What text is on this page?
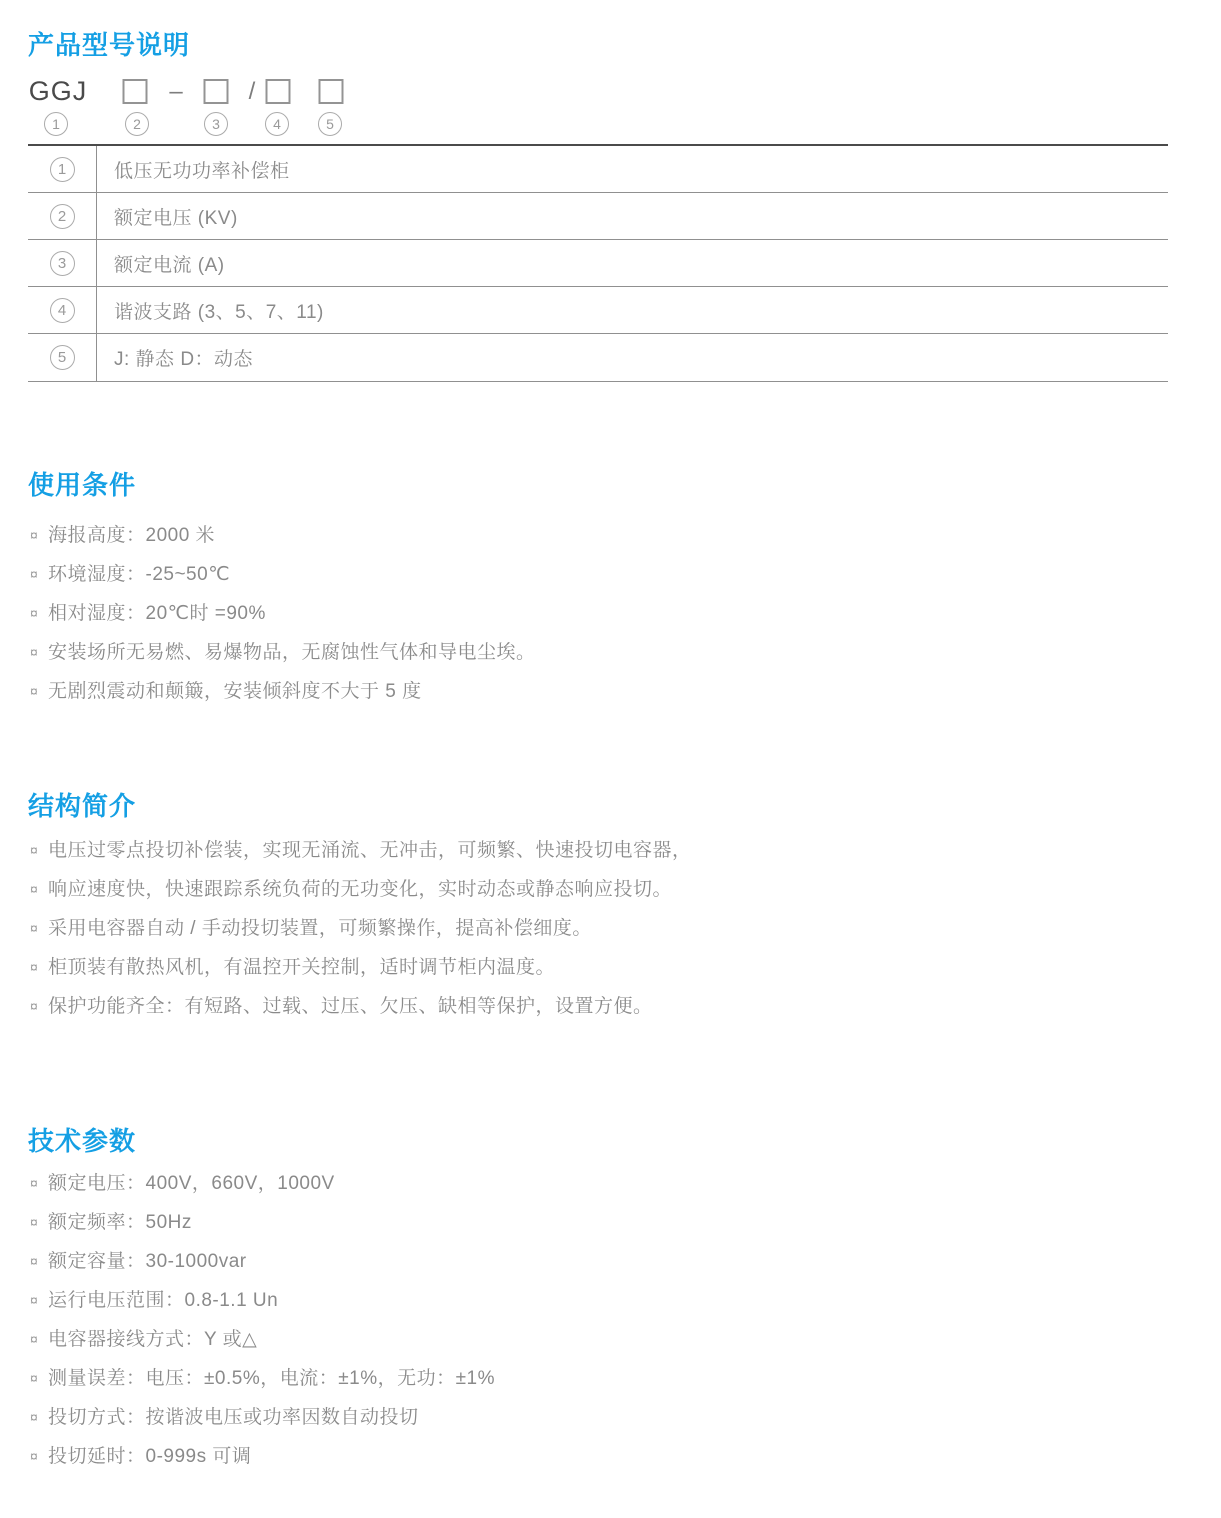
产品型号说明
GGJ	–	/
1	2	3	4	5
1	低压无功功率补偿柜
2	额定电压 (KV)
3	额定电流 (A)
4	谐波支路 (3、5、7、11)
5	J: 静态 D：动态
使用条件
¤ 海报高度：2000 米
¤ 环境湿度：-25~50℃
¤ 相对湿度：20℃时 =90%
¤ 安装场所无易燃、易爆物品，无腐蚀性气体和导电尘埃。
¤ 无剧烈震动和颠簸，安装倾斜度不大于 5 度
结构简介
¤ 电压过零点投切补偿装，实现无涌流、无冲击，可频繁、快速投切电容器，
¤ 响应速度快，快速跟踪系统负荷的无功变化，实时动态或静态响应投切。
¤ 采用电容器自动 / 手动投切装置，可频繁操作，提高补偿细度。
¤ 柜顶装有散热风机，有温控开关控制，适时调节柜内温度。
¤ 保护功能齐全：有短路、过载、过压、欠压、缺相等保护，设置方便。
技术参数
¤ 额定电压：400V，660V，1000V
¤ 额定频率：50Hz
¤ 额定容量：30-1000var
¤ 运行电压范围：0.8-1.1 Un
¤ 电容器接线方式：Y 或△
¤ 测量误差：电压：±0.5%，电流：±1%，无功：±1%
¤ 投切方式：按谐波电压或功率因数自动投切
¤ 投切延时：0-999s 可调
